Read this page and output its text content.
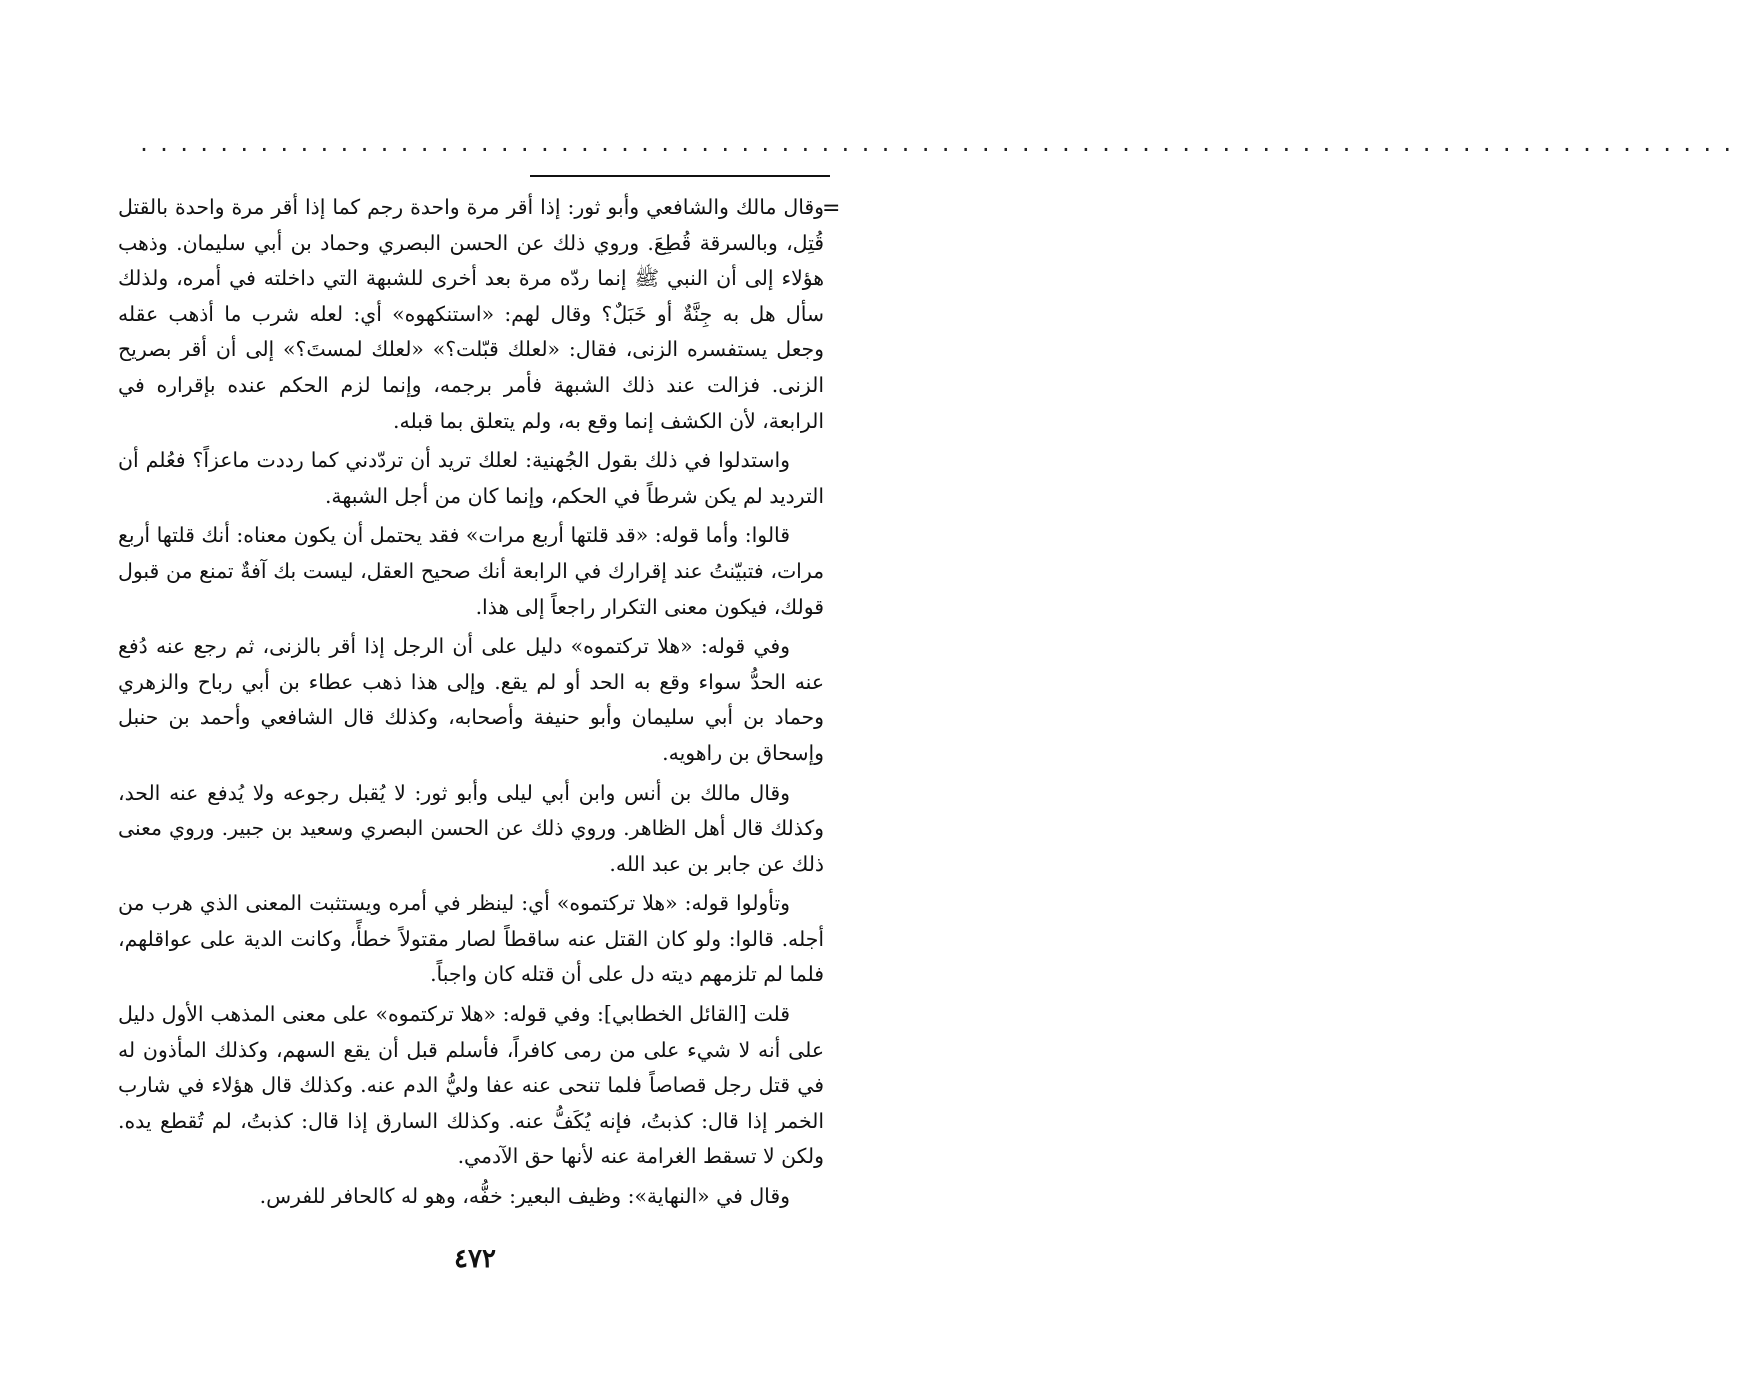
................................................................................
=

وقال مالك والشافعي وأبو ثور: إذا أقر مرة واحدة رجم كما إذا أقر مرة واحدة بالقتل قُتِل، وبالسرقة قُطِعَ. وروي ذلك عن الحسن البصري وحماد بن أبي سليمان. وذهب هؤلاء إلى أن النبي ﷺ إنما ردّه مرة بعد أخرى للشبهة التي داخلته في أمره، ولذلك سأل هل به جِنَّةٌ أو خَبَلٌ؟ وقال لهم: «استنكهوه» أي: لعله شرب ما أذهب عقله وجعل يستفسره الزنى، فقال: «لعلك قبّلت؟» «لعلك لمستَ؟» إلى أن أقر بصريح الزنى. فزالت عند ذلك الشبهة فأمر برجمه، وإنما لزم الحكم عنده بإقراره في الرابعة، لأن الكشف إنما وقع به، ولم يتعلق بما قبله.

واستدلوا في ذلك بقول الجُهنية: لعلك تريد أن تردّدني كما رددت ماعزاً؟ فعُلم أن الترديد لم يكن شرطاً في الحكم، وإنما كان من أجل الشبهة.

قالوا: وأما قوله: «قد قلتها أربع مرات» فقد يحتمل أن يكون معناه: أنك قلتها أربع مرات، فتبيّنتُ عند إقرارك في الرابعة أنك صحيح العقل، ليست بك آفةٌ تمنع من قبول قولك، فيكون معنى التكرار راجعاً إلى هذا.

وفي قوله: «هلا تركتموه» دليل على أن الرجل إذا أقر بالزنى، ثم رجع عنه دُفع عنه الحدُّ سواء وقع به الحد أو لم يقع. وإلى هذا ذهب عطاء بن أبي رباح والزهري وحماد بن أبي سليمان وأبو حنيفة وأصحابه، وكذلك قال الشافعي وأحمد بن حنبل وإسحاق بن راهويه.

وقال مالك بن أنس وابن أبي ليلى وأبو ثور: لا يُقبل رجوعه ولا يُدفع عنه الحد، وكذلك قال أهل الظاهر. وروي ذلك عن الحسن البصري وسعيد بن جبير. وروي معنى ذلك عن جابر بن عبد الله.

وتأولوا قوله: «هلا تركتموه» أي: لينظر في أمره ويستثبت المعنى الذي هرب من أجله. قالوا: ولو كان القتل عنه ساقطاً لصار مقتولاً خطأً، وكانت الدية على عواقلهم، فلما لم تلزمهم ديته دل على أن قتله كان واجباً.

قلت [القائل الخطابي]: وفي قوله: «هلا تركتموه» على معنى المذهب الأول دليل على أنه لا شيء على من رمى كافراً، فأسلم قبل أن يقع السهم، وكذلك المأذون له في قتل رجل قصاصاً فلما تنحى عنه عفا وليُّ الدم عنه. وكذلك قال هؤلاء في شارب الخمر إذا قال: كذبتُ، فإنه يُكَفُّ عنه. وكذلك السارق إذا قال: كذبتُ، لم تُقطع يده. ولكن لا تسقط الغرامة عنه لأنها حق الآدمي.

وقال في «النهاية»: وظيف البعير: خفُّه، وهو له كالحافر للفرس.

٤٧٢
